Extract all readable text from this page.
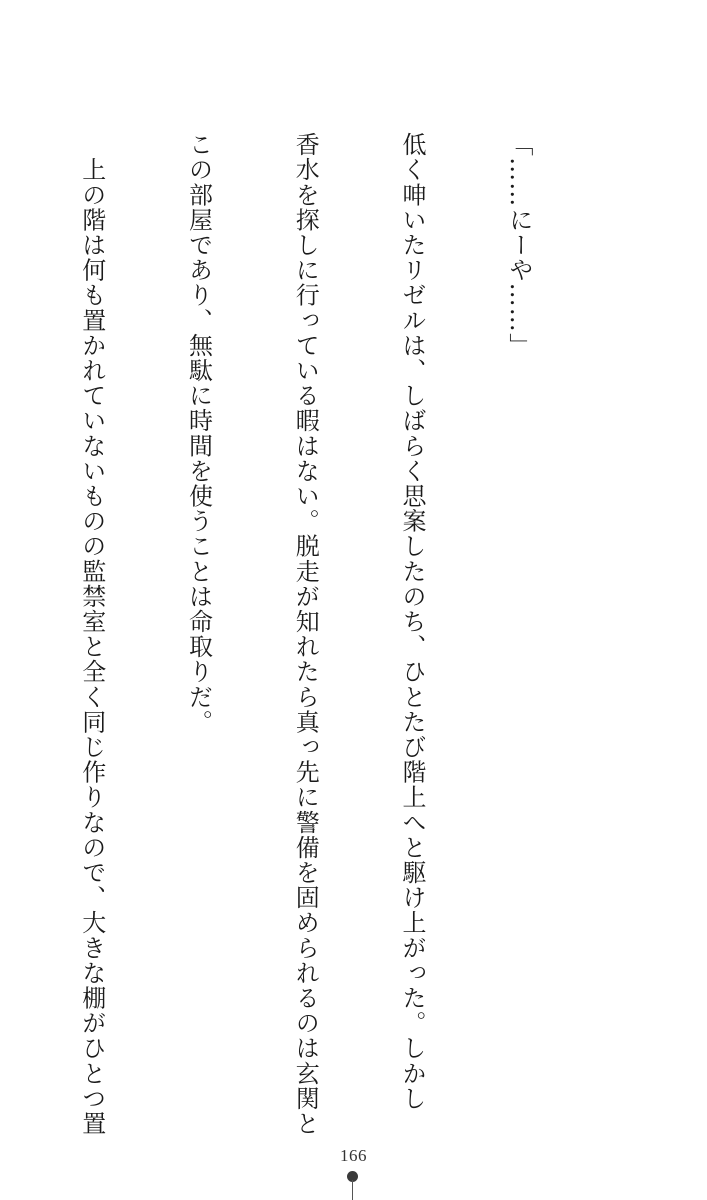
「……にーや……」

低く呻いたリゼルは、しばらく思案したのち、ひとたび階上へと駆け上がった。しかし

香水を探しに行っている暇はない。脱走が知れたら真っ先に警備を固められるのは玄関と

この部屋であり、無駄に時間を使うことは命取りだ。

　上の階は何も置かれていないものの監禁室と全く同じ作りなので、大きな棚がひとつ置

166
